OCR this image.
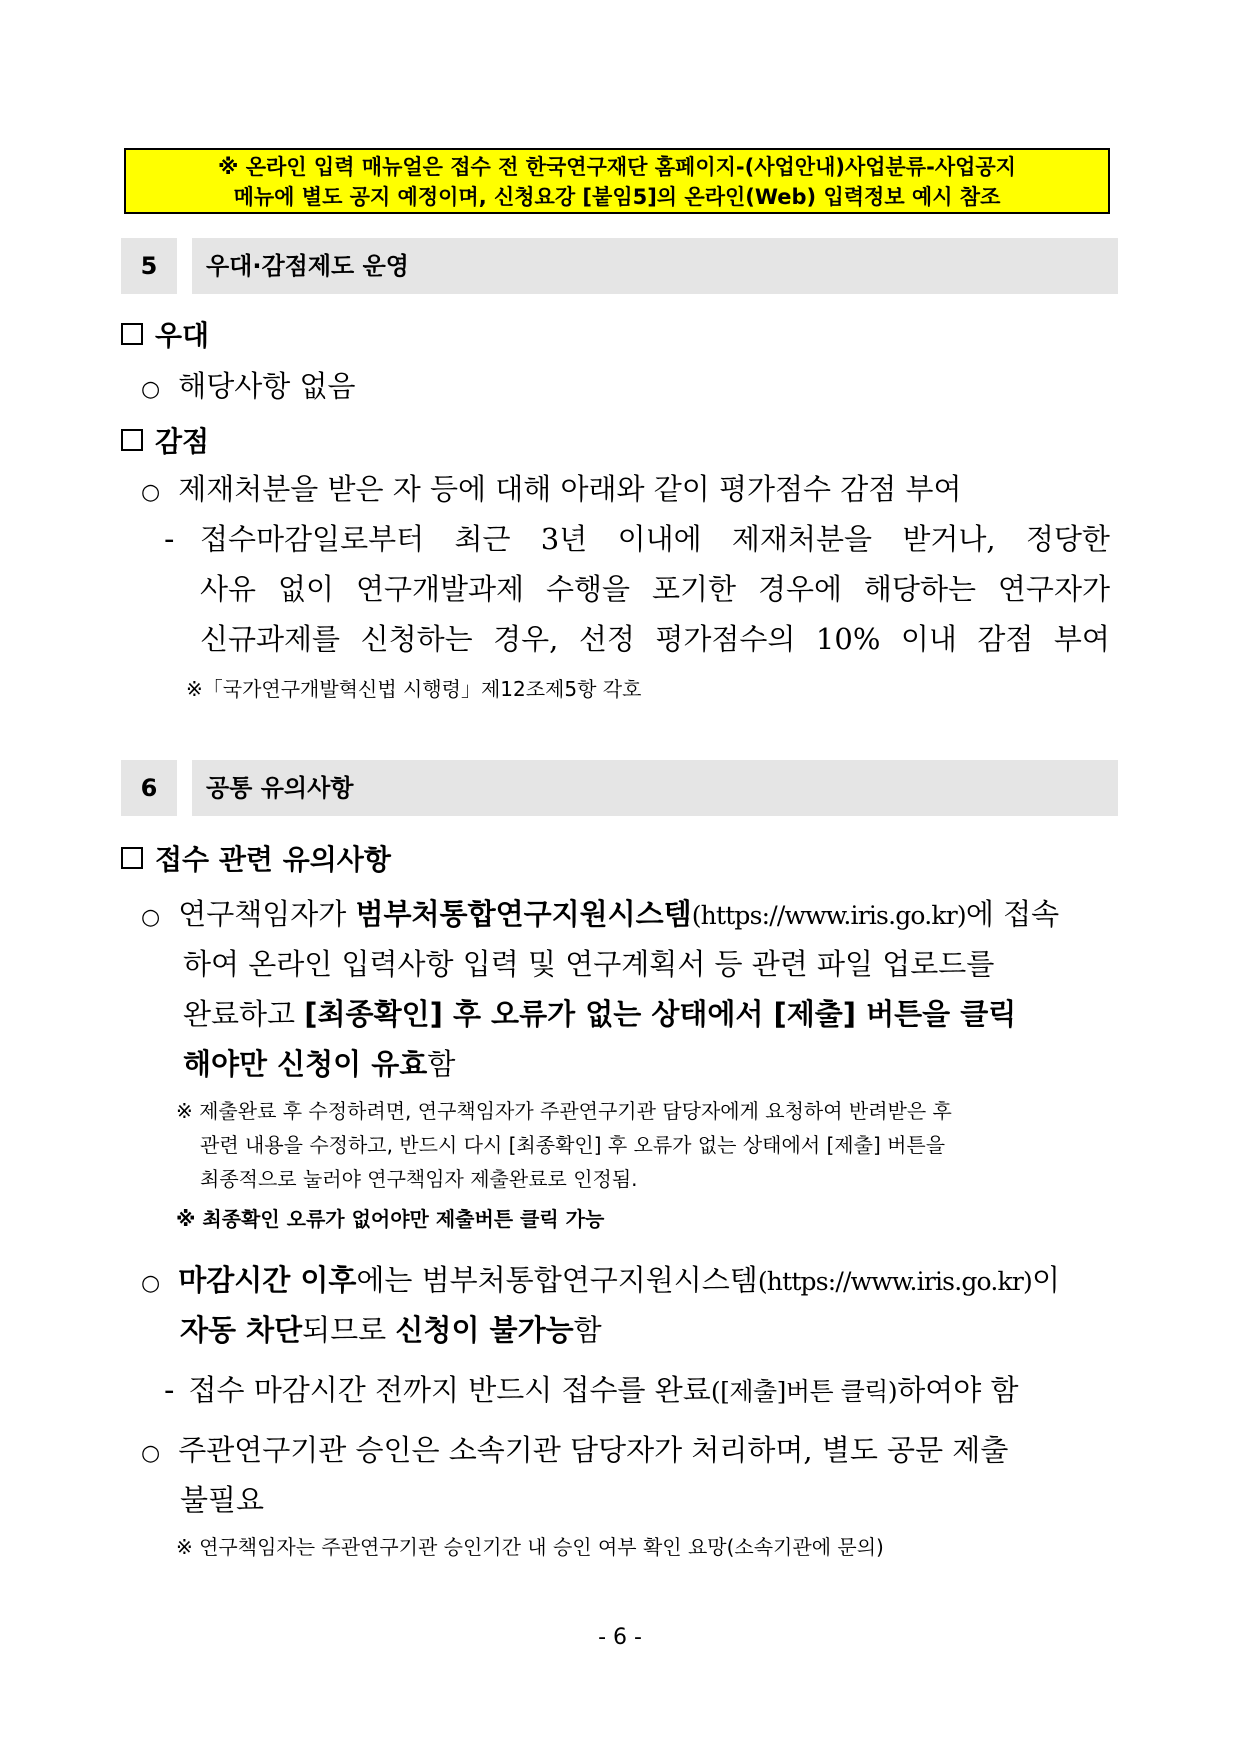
※ 온라인 입력 매뉴얼은 접수 전 한국연구재단 홈페이지-(사업안내)사업분류-사업공지
메뉴에 별도 공지 예정이며, 신청요강 [붙임5]의 온라인(Web) 입력정보 예시 참조
5	우대·감점제도 운영
우대
○ 해당사항 없음
감점
○ 제재처분을 받은 자 등에 대해 아래와 같이 평가점수 감점 부여
- 접수마감일로부터 최근 3년 이내에 제재처분을 받거나, 정당한
사유 없이 연구개발과제 수행을 포기한 경우에 해당하는 연구자가
신규과제를 신청하는 경우, 선정 평가점수의 10% 이내 감점 부여
※「국가연구개발혁신법 시행령」제12조제5항 각호
6	공통 유의사항
접수 관련 유의사항
○ 연구책임자가 범부처통합연구지원시스템(https://www.iris.go.kr)에 접속
하여 온라인 입력사항 입력 및 연구계획서 등 관련 파일 업로드를
완료하고 [최종확인] 후 오류가 없는 상태에서 [제출] 버튼을 클릭
해야만 신청이 유효함
※ 제출완료 후 수정하려면, 연구책임자가 주관연구기관 담당자에게 요청하여 반려받은 후
관련 내용을 수정하고, 반드시 다시 [최종확인] 후 오류가 없는 상태에서 [제출] 버튼을
최종적으로 눌러야 연구책임자 제출완료로 인정됨.
※ 최종확인 오류가 없어야만 제출버튼 클릭 가능
○ 마감시간 이후에는 범부처통합연구지원시스템(https://www.iris.go.kr)이
자동 차단되므로 신청이 불가능함
- 접수 마감시간 전까지 반드시 접수를 완료([제출]버튼 클릭)하여야 함
○ 주관연구기관 승인은 소속기관 담당자가 처리하며, 별도 공문 제출
불필요
※ 연구책임자는 주관연구기관 승인기간 내 승인 여부 확인 요망(소속기관에 문의)
- 6 -
